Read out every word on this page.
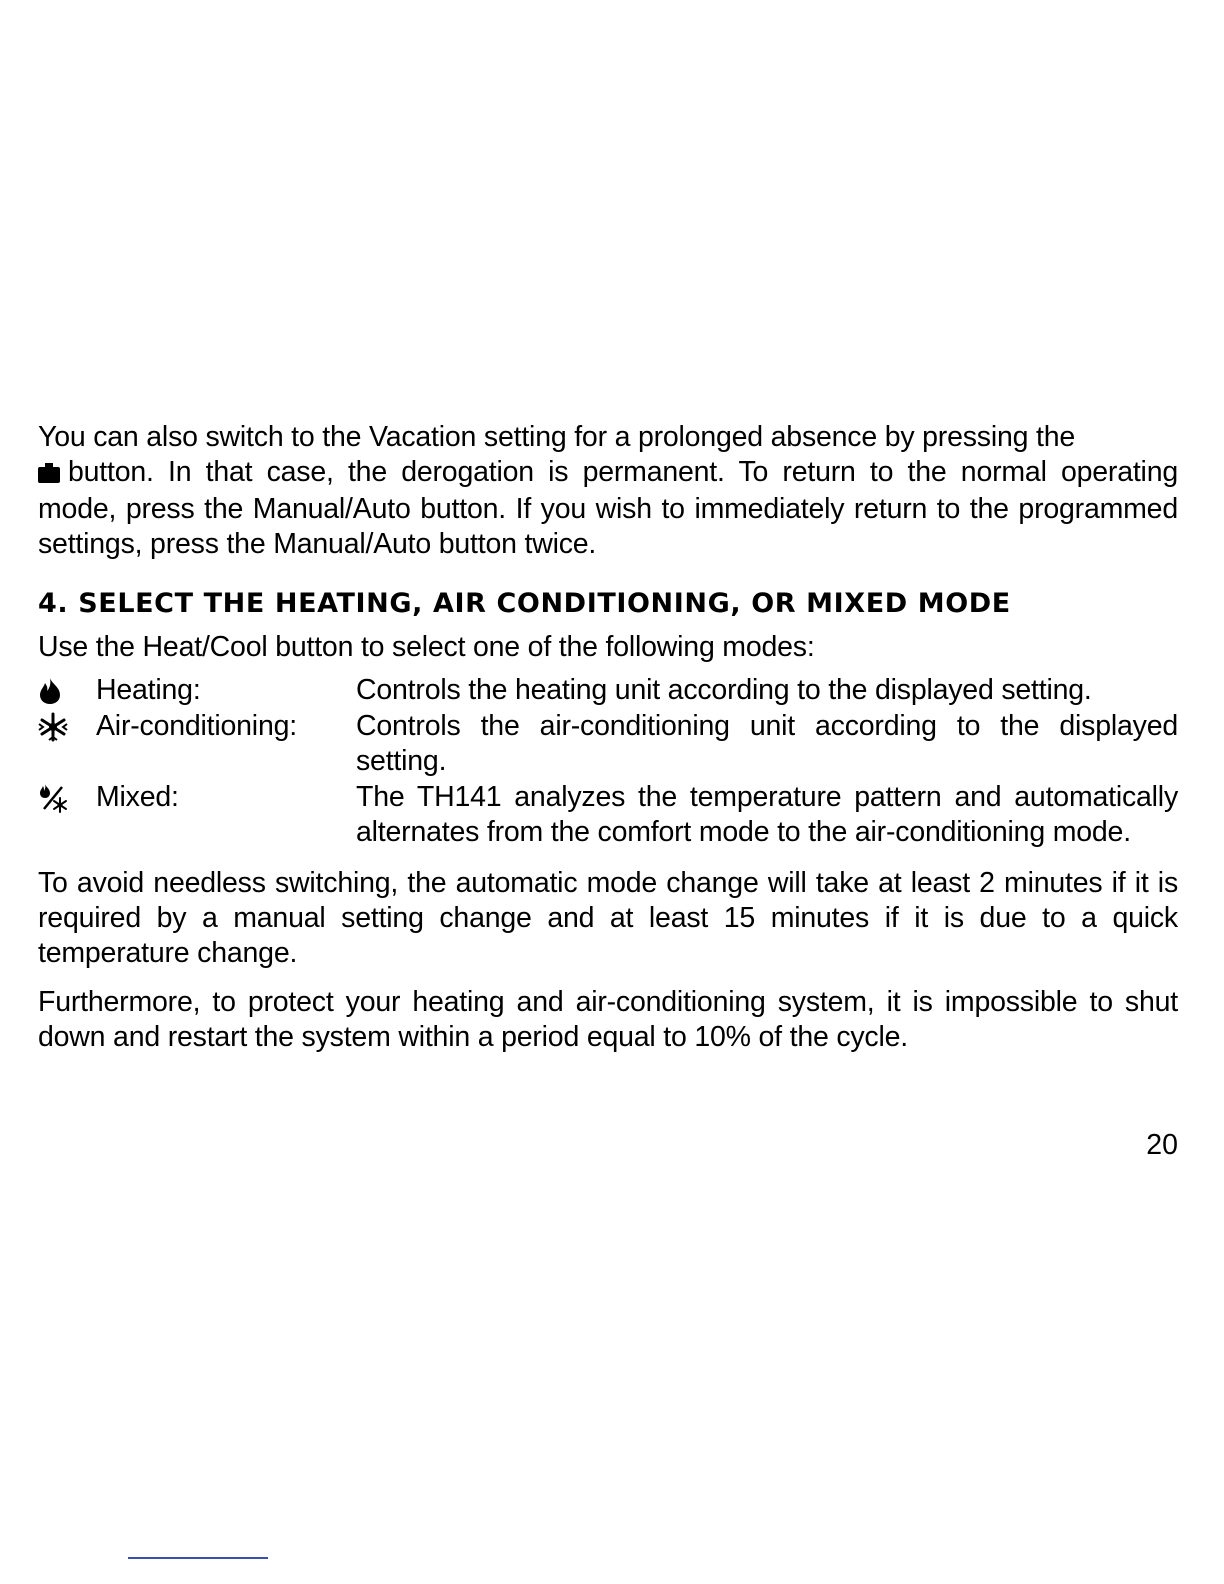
You can also switch to the Vacation setting for a prolonged absence by pressing the
button. In that case, the derogation is permanent. To return to the normal operating mode, press the Manual/Auto button. If you wish to immediately return to the programmed settings, press the Manual/Auto button twice.

4. SELECT THE HEATING, AIR CONDITIONING, OR MIXED MODE

Use the Heat/Cool button to select one of the following modes:

Heating:	Controls the heating unit according to the displayed setting.
Air-conditioning:	Controls the air-conditioning unit according to the displayed setting.
Mixed:	The TH141 analyzes the temperature pattern and automatically alternates from the comfort mode to the air-conditioning mode.

To avoid needless switching, the automatic mode change will take at least 2 minutes if it is required by a manual setting change and at least 15 minutes if it is due to a quick temperature change.

Furthermore, to protect your heating and air-conditioning system, it is impossible to shut down and restart the system within a period equal to 10% of the cycle.

20
